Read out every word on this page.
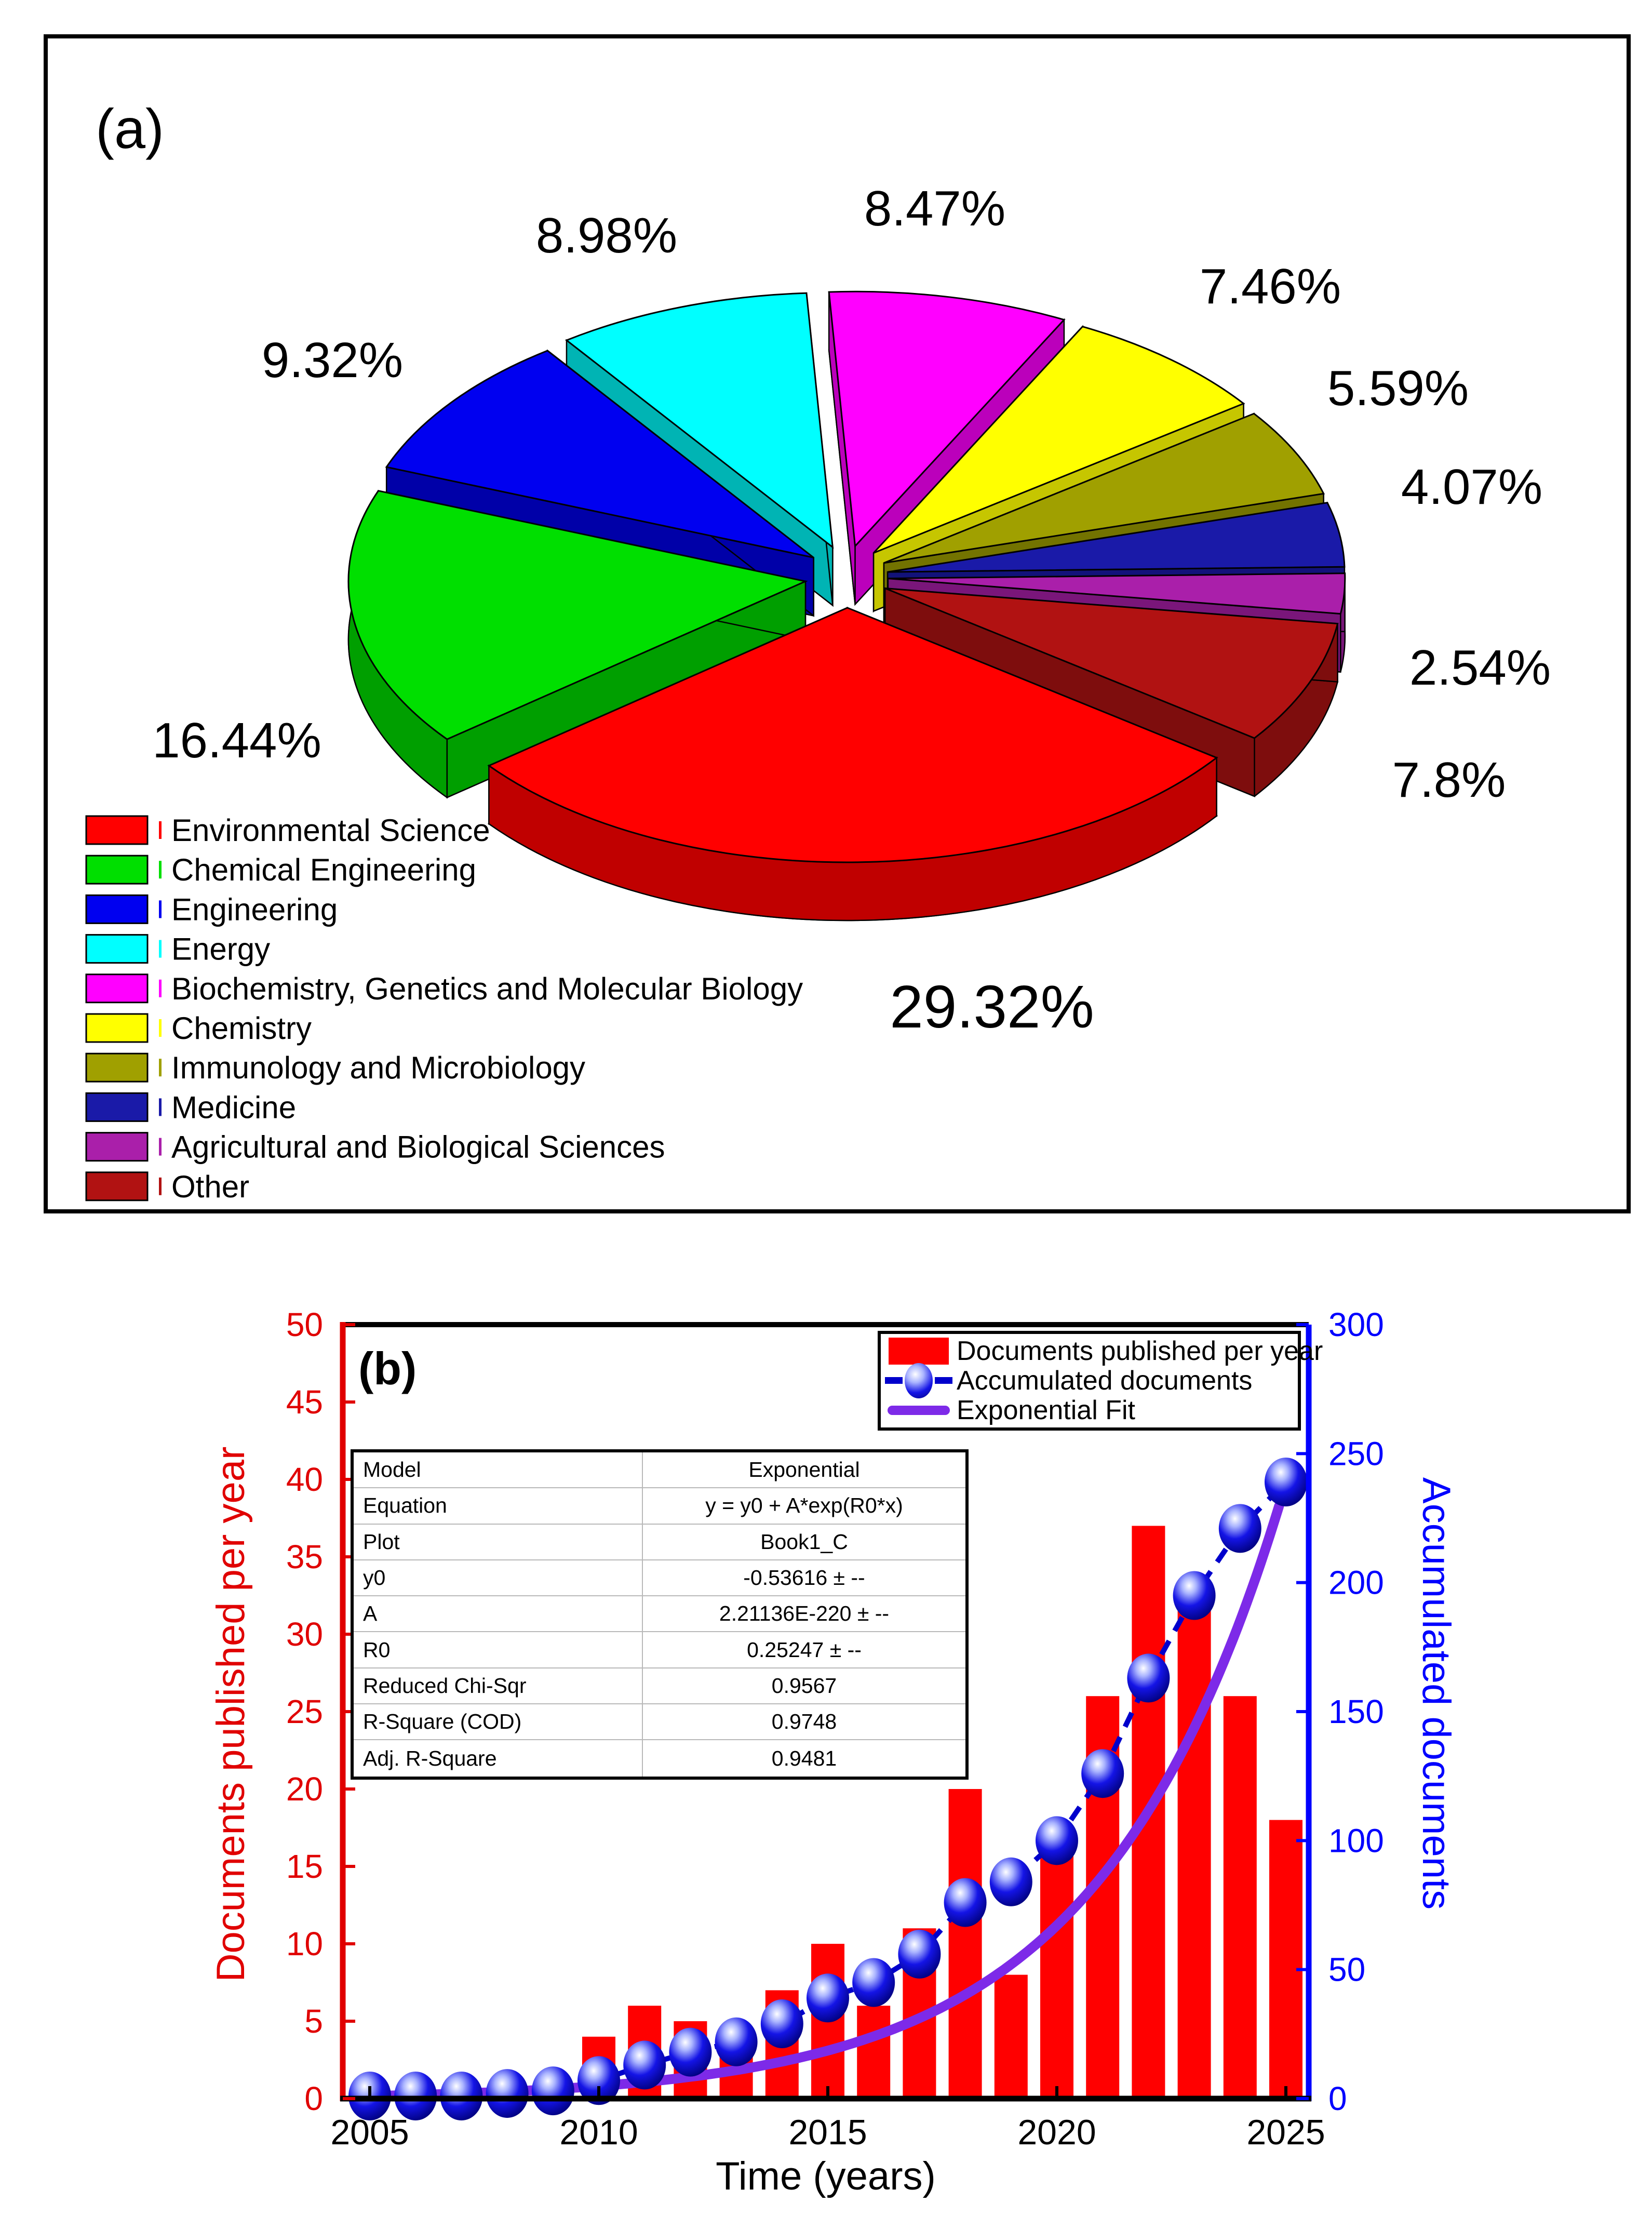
(a)
29.32%
16.44%
9.32%
8.98%	8.47%
7.46%
5.59%
4.07%
2.54%
7.8%
Environmental Science
Chemical Engineering
Engineering
Energy
Biochemistry, Genetics and Molecular Biology
Chemistry
Immunology and Microbiology
Medicine
Agricultural and Biological Sciences
Other
0
5
10
15
20
25
30
35
40
45
50
0
50
100
150
200
250
300
2005	2010	2015	2020	2025
Documents published per year	Accumulated documents
Time (years)
(b)
Model	Exponential
Equation	y = y0 + A*exp(R0*x)
Plot	Book1_C
y0	-0.53616 ± --
A	2.21136E-220 ± --
R0	0.25247 ± --
Reduced Chi-Sqr	0.9567
R-Square (COD)	0.9748
Adj. R-Square	0.9481
Documents published per year
Accumulated documents
Exponential Fit
